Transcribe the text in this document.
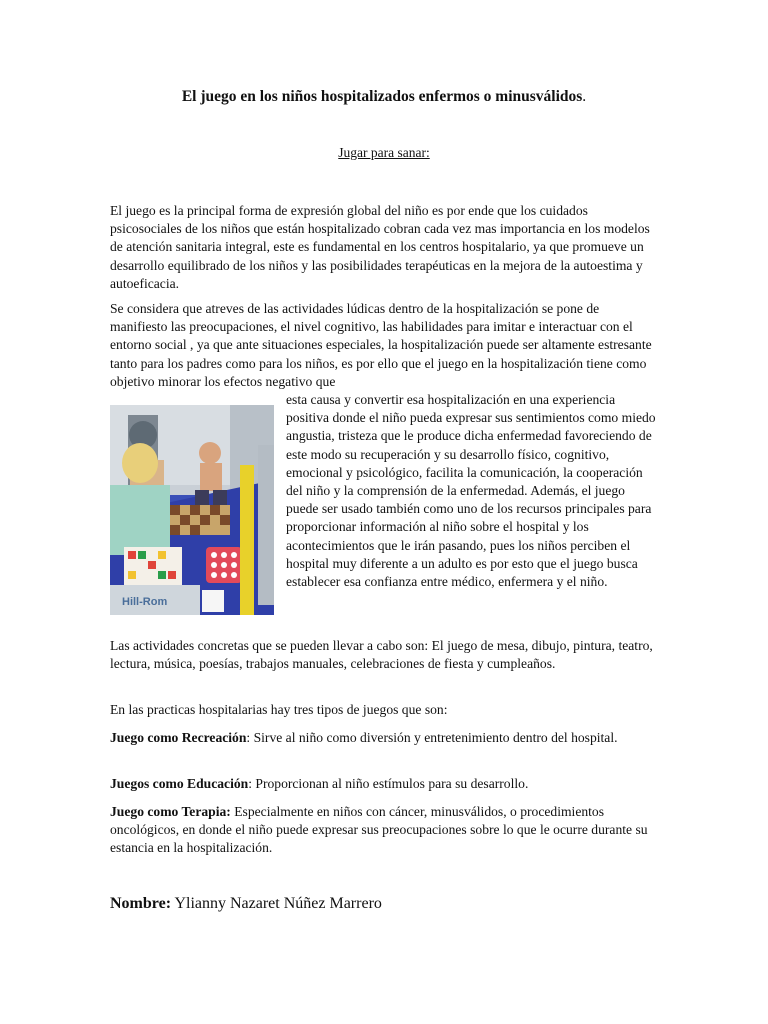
El juego en los niños hospitalizados enfermos o minusválidos.
Jugar para sanar:

El juego es la principal forma de expresión global del niño es por ende que los cuidados psicosociales de los niños que están hospitalizado cobran cada vez mas importancia en los modelos de atención sanitaria integral, este es fundamental en los centros hospitalario, ya que promueve un desarrollo equilibrado de los niños y las posibilidades terapéuticas en la mejora de la autoestima y autoeficacia.

Se considera que atreves de las actividades lúdicas dentro de la hospitalización se pone de manifiesto las preocupaciones, el nivel cognitivo, las habilidades para imitar e interactuar con el entorno social , ya que ante situaciones especiales, la hospitalización puede ser altamente estresante tanto para los padres como para los niños, es por ello que el juego en la hospitalización tiene como objetivo minorar los efectos negativo que

Hill-Rom
esta causa y convertir esa hospitalización en una experiencia positiva donde el niño pueda expresar sus sentimientos como miedo angustia, tristeza que le produce dicha enfermedad favoreciendo de este modo su recuperación y su desarrollo físico, cognitivo, emocional y psicológico, facilita la comunicación, la cooperación del niño y la comprensión de la enfermedad. Además, el juego puede ser usado también como uno de los recursos principales para proporcionar información al niño sobre el hospital y los acontecimientos que le irán pasando, pues los niños perciben el hospital muy diferente a un adulto es por esto que el juego busca establecer esa confianza entre médico, enfermera y el niño.

Las actividades concretas que se pueden llevar a cabo son: El juego de mesa, dibujo, pintura, teatro, lectura, música, poesías, trabajos manuales, celebraciones de fiesta y cumpleaños.

En las practicas hospitalarias hay tres tipos de juegos que son:

Juego como Recreación: Sirve al niño como diversión y entretenimiento dentro del hospital.

Juegos como Educación: Proporcionan al niño estímulos para su desarrollo.

Juego como Terapia: Especialmente en niños con cáncer, minusválidos, o procedimientos oncológicos, en donde el niño puede expresar sus preocupaciones sobre lo que le ocurre durante su estancia en la hospitalización.

Nombre: Ylianny Nazaret Núñez Marrero
